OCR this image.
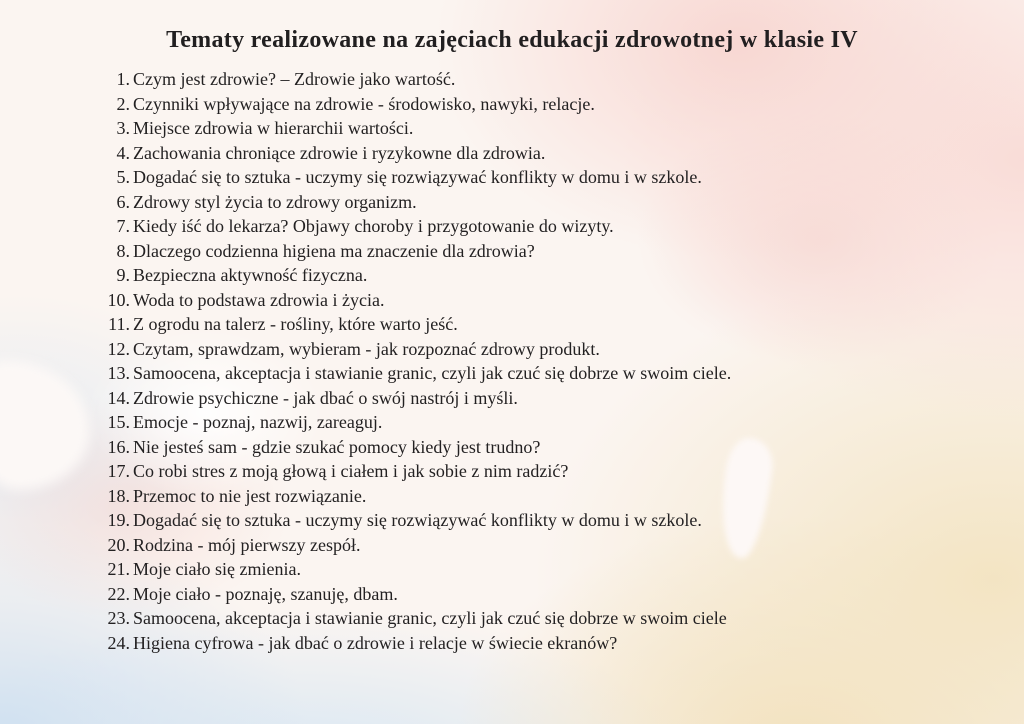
Tematy realizowane na zajęciach edukacji zdrowotnej w klasie IV
1. Czym jest zdrowie? – Zdrowie jako wartość.
2. Czynniki wpływające na zdrowie - środowisko, nawyki, relacje.
3. Miejsce zdrowia w hierarchii wartości.
4. Zachowania chroniące zdrowie i ryzykowne dla zdrowia.
5. Dogadać się to sztuka - uczymy się rozwiązywać konflikty w domu i w szkole.
6. Zdrowy styl życia to zdrowy organizm.
7. Kiedy iść do lekarza? Objawy choroby i przygotowanie do wizyty.
8. Dlaczego codzienna higiena ma znaczenie dla zdrowia?
9. Bezpieczna aktywność fizyczna.
10. Woda to podstawa zdrowia i życia.
11. Z ogrodu na talerz - rośliny, które warto jeść.
12. Czytam, sprawdzam, wybieram - jak rozpoznać zdrowy produkt.
13. Samoocena, akceptacja i stawianie granic, czyli jak czuć się dobrze w swoim ciele.
14. Zdrowie psychiczne - jak dbać o swój nastrój i myśli.
15. Emocje - poznaj, nazwij, zareaguj.
16. Nie jesteś sam - gdzie szukać pomocy kiedy jest trudno?
17. Co robi stres z moją głową i ciałem i jak sobie z nim radzić?
18. Przemoc to nie jest rozwiązanie.
19. Dogadać się to sztuka - uczymy się rozwiązywać konflikty w domu i w szkole.
20. Rodzina - mój pierwszy zespół.
21. Moje ciało się zmienia.
22. Moje ciało - poznaję, szanuję, dbam.
23. Samoocena, akceptacja i stawianie granic, czyli jak czuć się dobrze w swoim ciele
24. Higiena cyfrowa - jak dbać o zdrowie i relacje w świecie ekranów?
